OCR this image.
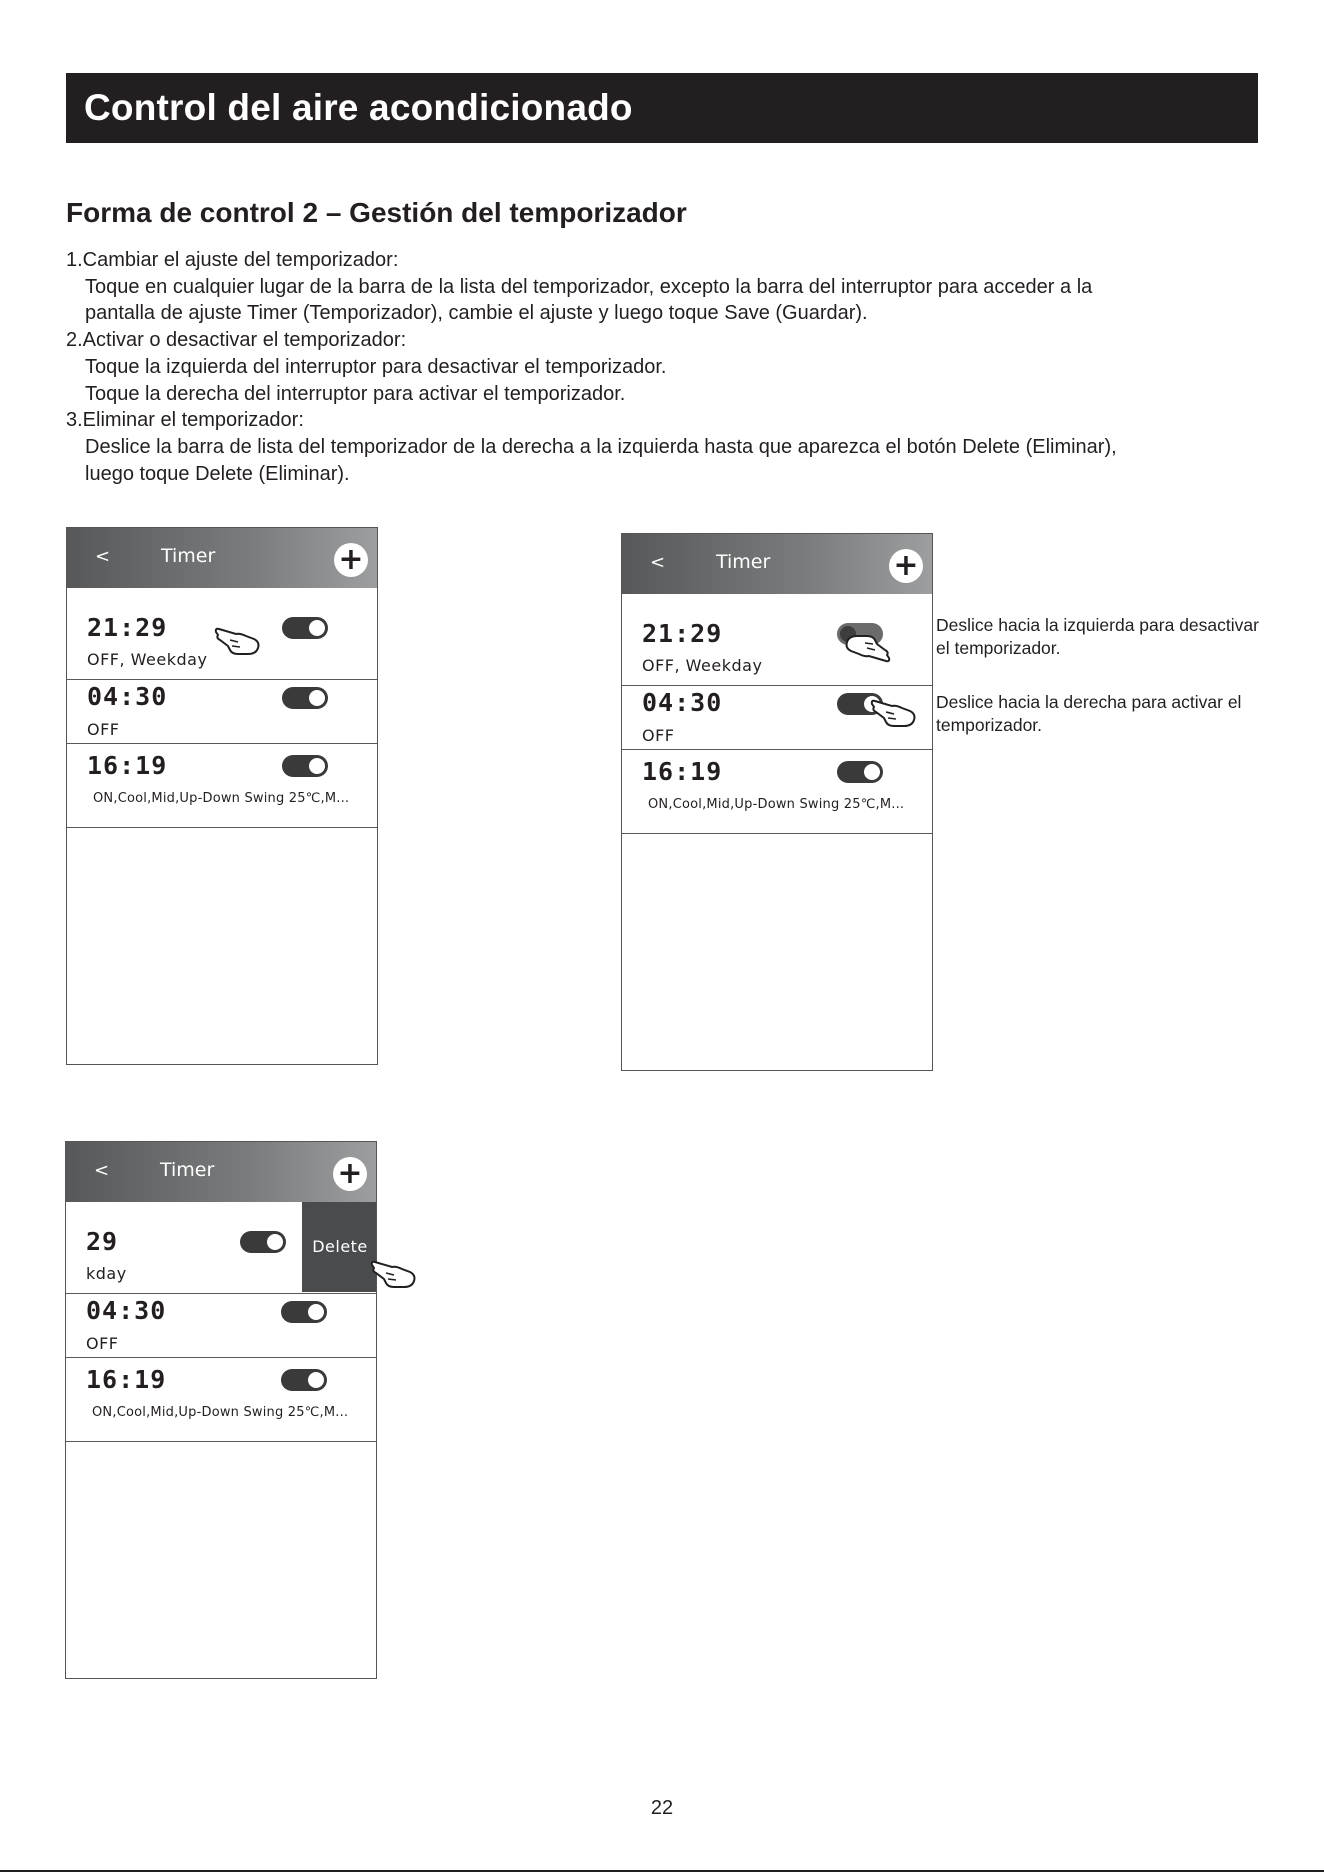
Control del aire acondicionado
Forma de control 2 – Gestión del temporizador
1.Cambiar el ajuste del temporizador:
Toque en cualquier lugar de la barra de la lista del temporizador, excepto la barra del interruptor para acceder a la
pantalla de ajuste Timer (Temporizador), cambie el ajuste y luego toque Save (Guardar).
2.Activar o desactivar el temporizador:
Toque la izquierda del interruptor para desactivar el temporizador.
Toque la derecha del interruptor para activar el temporizador.
3.Eliminar el temporizador:
Deslice la barra de lista del temporizador de la derecha a la izquierda hasta que aparezca el botón Delete (Eliminar),
luego toque Delete (Eliminar).
<	Timer	+
21:29
OFF, Weekday
04:30
OFF
16:19
ON,Cool,Mid,Up-Down Swing 25℃,M...
<	Timer	+
21:29
OFF, Weekday
04:30
OFF
16:19
ON,Cool,Mid,Up-Down Swing 25℃,M...
Deslice hacia la izquierda para desactivar el temporizador.
Deslice hacia la derecha para activar el temporizador.
<	Timer	+
29
kday
Delete
04:30
OFF
16:19
ON,Cool,Mid,Up-Down Swing 25℃,M...
22
